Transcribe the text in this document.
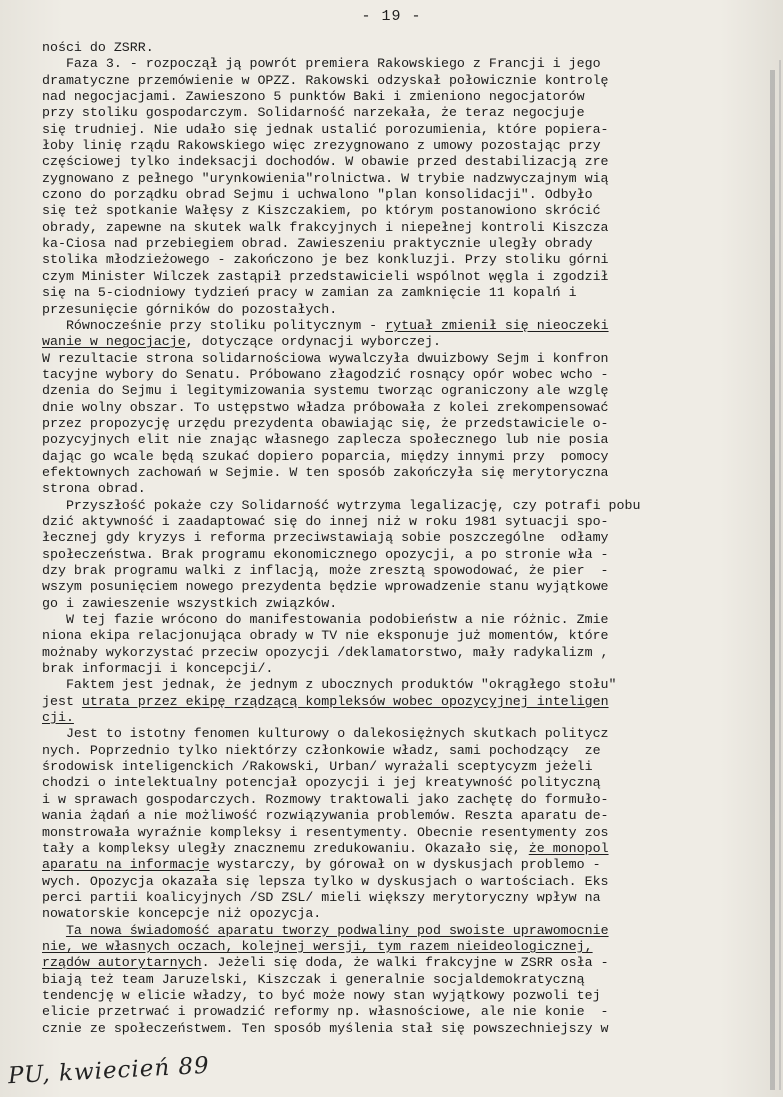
- 19 -
ności do ZSRR.
Faza 3. - rozpoczął ją powrót premiera Rakowskiego z Francji i jego
dramatyczne przemówienie w OPZZ. Rakowski odzyskał połowicznie kontrolę
nad negocjacjami. Zawieszono 5 punktów Baki i zmieniono negocjatorów
przy stoliku gospodarczym. Solidarność narzekała, że teraz negocjuje
się trudniej. Nie udało się jednak ustalić porozumienia, które popiera-
łoby linię rządu Rakowskiego więc zrezygnowano z umowy pozostając przy
częściowej tylko indeksacji dochodów. W obawie przed destabilizacją zre
zygnowano z pełnego "urynkowienia"rolnictwa. W trybie nadzwyczajnym wią
czono do porządku obrad Sejmu i uchwalono "plan konsolidacji". Odbyło
się też spotkanie Wałęsy z Kiszczakiem, po którym postanowiono skrócić
obrady, zapewne na skutek walk frakcyjnych i niepełnej kontroli Kiszcza
ka-Ciosa nad przebiegiem obrad. Zawieszeniu praktycznie uległy obrady
stolika młodzieżowego - zakończono je bez konkluzji. Przy stoliku górni
czym Minister Wilczek zastąpił przedstawicieli wspólnot węgla i zgodził
się na 5-ciodniowy tydzień pracy w zamian za zamknięcie 11 kopalń i
przesunięcie górników do pozostałych.
Równocześnie przy stoliku politycznym - rytuał zmienił się nieoczeki
wanie w negocjacje, dotyczące ordynacji wyborczej.
W rezultacie strona solidarnościowa wywalczyła dwuizbowy Sejm i konfron
tacyjne wybory do Senatu. Próbowano złagodzić rosnący opór wobec wcho -
dzenia do Sejmu i legitymizowania systemu tworząc ograniczony ale wzglę
dnie wolny obszar. To ustępstwo władza próbowała z kolei zrekompensować
przez propozycję urzędu prezydenta obawiając się, że przedstawiciele o-
pozycyjnych elit nie znając własnego zaplecza społecznego lub nie posia
dając go wcale będą szukać dopiero poparcia, między innymi przy  pomocy
efektownych zachowań w Sejmie. W ten sposób zakończyła się merytoryczna
strona obrad.
Przyszłość pokaże czy Solidarność wytrzyma legalizację, czy potrafi pobu
dzić aktywność i zaadaptować się do innej niż w roku 1981 sytuacji spo-
łecznej gdy kryzys i reforma przeciwstawiają sobie poszczególne  odłamy
społeczeństwa. Brak programu ekonomicznego opozycji, a po stronie wła -
dzy brak programu walki z inflacją, może zresztą spowodować, że pier  -
wszym posunięciem nowego prezydenta będzie wprowadzenie stanu wyjątkowe
go i zawieszenie wszystkich związków.
W tej fazie wrócono do manifestowania podobieństw a nie różnic. Zmie
niona ekipa relacjonująca obrady w TV nie eksponuje już momentów, które
możnaby wykorzystać przeciw opozycji /deklamatorstwo, mały radykalizm ,
brak informacji i koncepcji/.
Faktem jest jednak, że jednym z ubocznych produktów "okrągłego stołu"
jest utrata przez ekipę rządzącą kompleksów wobec opozycyjnej inteligen
cji.
Jest to istotny fenomen kulturowy o dalekosiężnych skutkach politycz
nych. Poprzednio tylko niektórzy członkowie władz, sami pochodzący  ze
środowisk inteligenckich /Rakowski, Urban/ wyrażali sceptycyzm jeżeli
chodzi o intelektualny potencjał opozycji i jej kreatywność polityczną
i w sprawach gospodarczych. Rozmowy traktowali jako zachętę do formuło-
wania żądań a nie możliwość rozwiązywania problemów. Reszta aparatu de-
monstrowała wyraźnie kompleksy i resentymenty. Obecnie resentymenty zos
tały a kompleksy uległy znacznemu zredukowaniu. Okazało się, że monopol
aparatu na informacje wystarczy, by górował on w dyskusjach problemo -
wych. Opozycja okazała się lepsza tylko w dyskusjach o wartościach. Eks
perci partii koalicyjnych /SD ZSL/ mieli większy merytoryczny wpływ na
nowatorskie koncepcje niż opozycja.
Ta nowa świadomość aparatu tworzy podwaliny pod swoiste uprawomocnie
nie, we własnych oczach, kolejnej wersji, tym razem nieideologicznej,
rządów autorytarnych. Jeżeli się doda, że walki frakcyjne w ZSRR osła -
biają też team Jaruzelski, Kiszczak i generalnie socjaldemokratyczną
tendencję w elicie władzy, to być może nowy stan wyjątkowy pozwoli tej
elicie przetrwać i prowadzić reformy np. własnościowe, ale nie konie  -
cznie ze społeczeństwem. Ten sposób myślenia stał się powszechniejszy w
PU, kwiecień 89
